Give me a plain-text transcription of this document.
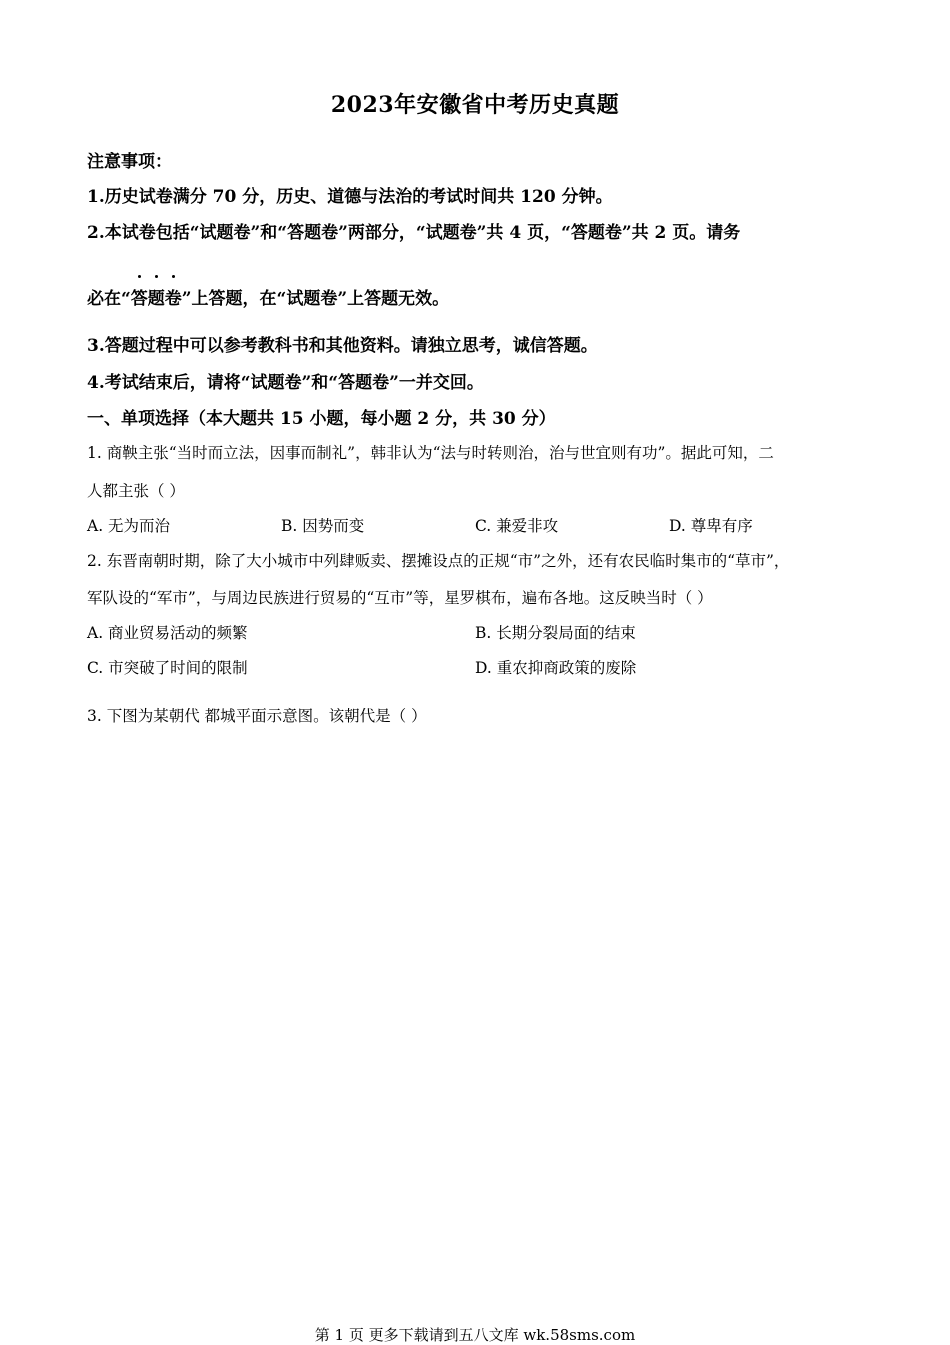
2023年安徽省中考历史真题
注意事项：
1.历史试卷满分 70 分，历史、道德与法治的考试时间共 120 分钟。
2.本试卷包括“试题卷”和“答题卷”两部分，“试题卷”共 4 页，“答题卷”共 2 页。请务
必在“答题卷”上答题，在“试题卷”上答题无效。
3.答题过程中可以参考教科书和其他资料。请独立思考，诚信答题。
4.考试结束后，请将“试题卷”和“答题卷”一并交回。
一、单项选择（本大题共 15 小题，每小题 2 分，共 30 分）
1. 商鞅主张“当时而立法，因事而制礼”，韩非认为“法与时转则治，治与世宜则有功”。据此可知，二
人都主张（ ）
A. 无为而治	B. 因势而变	C. 兼爱非攻	D. 尊卑有序
2. 东晋南朝时期，除了大小城市中列肆贩卖、摆摊设点的正规“市”之外，还有农民临时集市的“草市”，
军队设的“军市”，与周边民族进行贸易的“互市”等，星罗棋布，遍布各地。这反映当时（ ）
A. 商业贸易活动的频繁	B. 长期分裂局面的结束
C. 市突破了时间的限制	D. 重农抑商政策的废除
3. 下图为某朝代 都城平面示意图。该朝代是（ ）
第 1 页 更多下载请到五八文库 wk.58sms.com
